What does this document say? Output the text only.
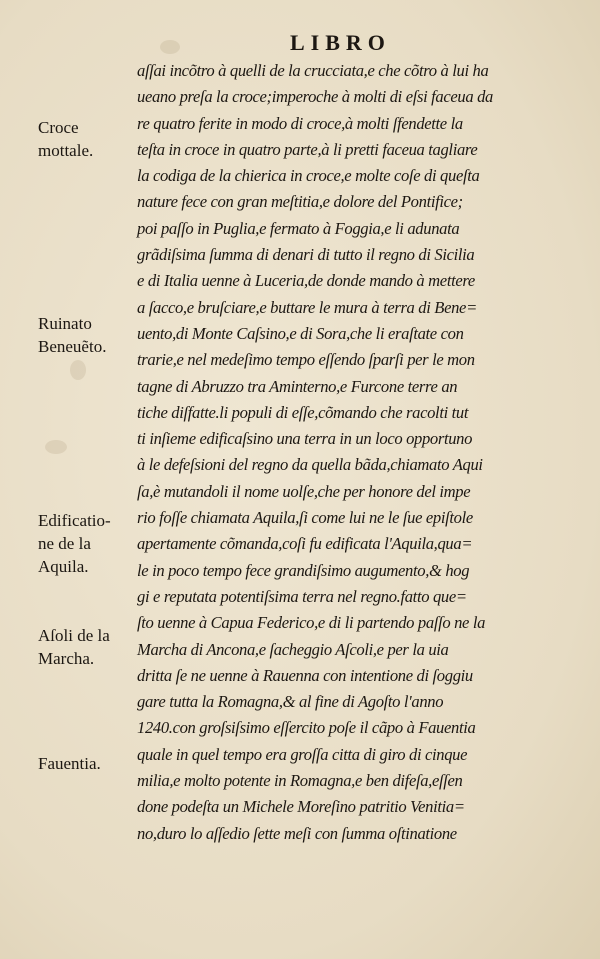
LIBRO
aſſai incõtro à quelli de la crucciata,e che cõtro à lui ha
ueano preſa la croce;imperoche à molti di eſsi faceua da
re quatro ferite in modo di croce,à molti ſfendette la
teſta in croce in quatro parte,à li pretti faceua tagliare
la codiga de la chierica in croce,e molte coſe di queſta
nature fece con gran meſtitia,e dolore del Pontifice;
poi paſſo in Puglia,e fermato à Foggia,e li adunata
grãdiſsima ſumma di denari di tutto il regno di Sicilia
e di Italia uenne à Luceria,de donde mando à mettere
a ſacco,e bruſciare,e buttare le mura à terra di Bene=
uento,di Monte Caſsino,e di Sora,che li eraſtate con
trarie,e nel medeſimo tempo eſſendo ſparſi per le mon
tagne di Abruzzo tra Aminterno,e Furcone terre an
tiche diſfatte.li populi di eſſe,cõmando che racolti tut
ti inſieme edificaſsino una terra in un loco opportuno
à le defeſsioni del regno da quella bãda,chiamato Aqui
ſa,è mutandoli il nome uolſe,che per honore del impe
rio foſſe chiamata Aquila,ſi come lui ne le ſue epiſtole
apertamente cõmanda,coſi fu edificata l'Aquila,qua=
le in poco tempo fece grandiſsimo augumento,& hog
gi e reputata potentiſsima terra nel regno.fatto que=
ſto uenne à Capua Federico,e di li partendo paſſo ne la
Marcha di Ancona,e ſacheggio Aſcoli,e per la uia
dritta ſe ne uenne à Rauenna con intentione di ſoggiu
gare tutta la Romagna,& al fine di Agoſto l'anno
1240.con groſsiſsimo eſſercito poſe il cãpo à Fauentia
quale in quel tempo era groſſa citta di giro di cinque
milia,e molto potente in Romagna,e ben difeſa,eſſen
done podeſta un Michele Moreſino patritio Venitia=
no,duro lo aſſedio ſette meſi con ſumma oſtinatione
Croce
mottale.
Ruinato
Beneuẽto.
Edificatio-
ne de la
Aquila.
Aſoli de la
Marcha.
Fauentia.
